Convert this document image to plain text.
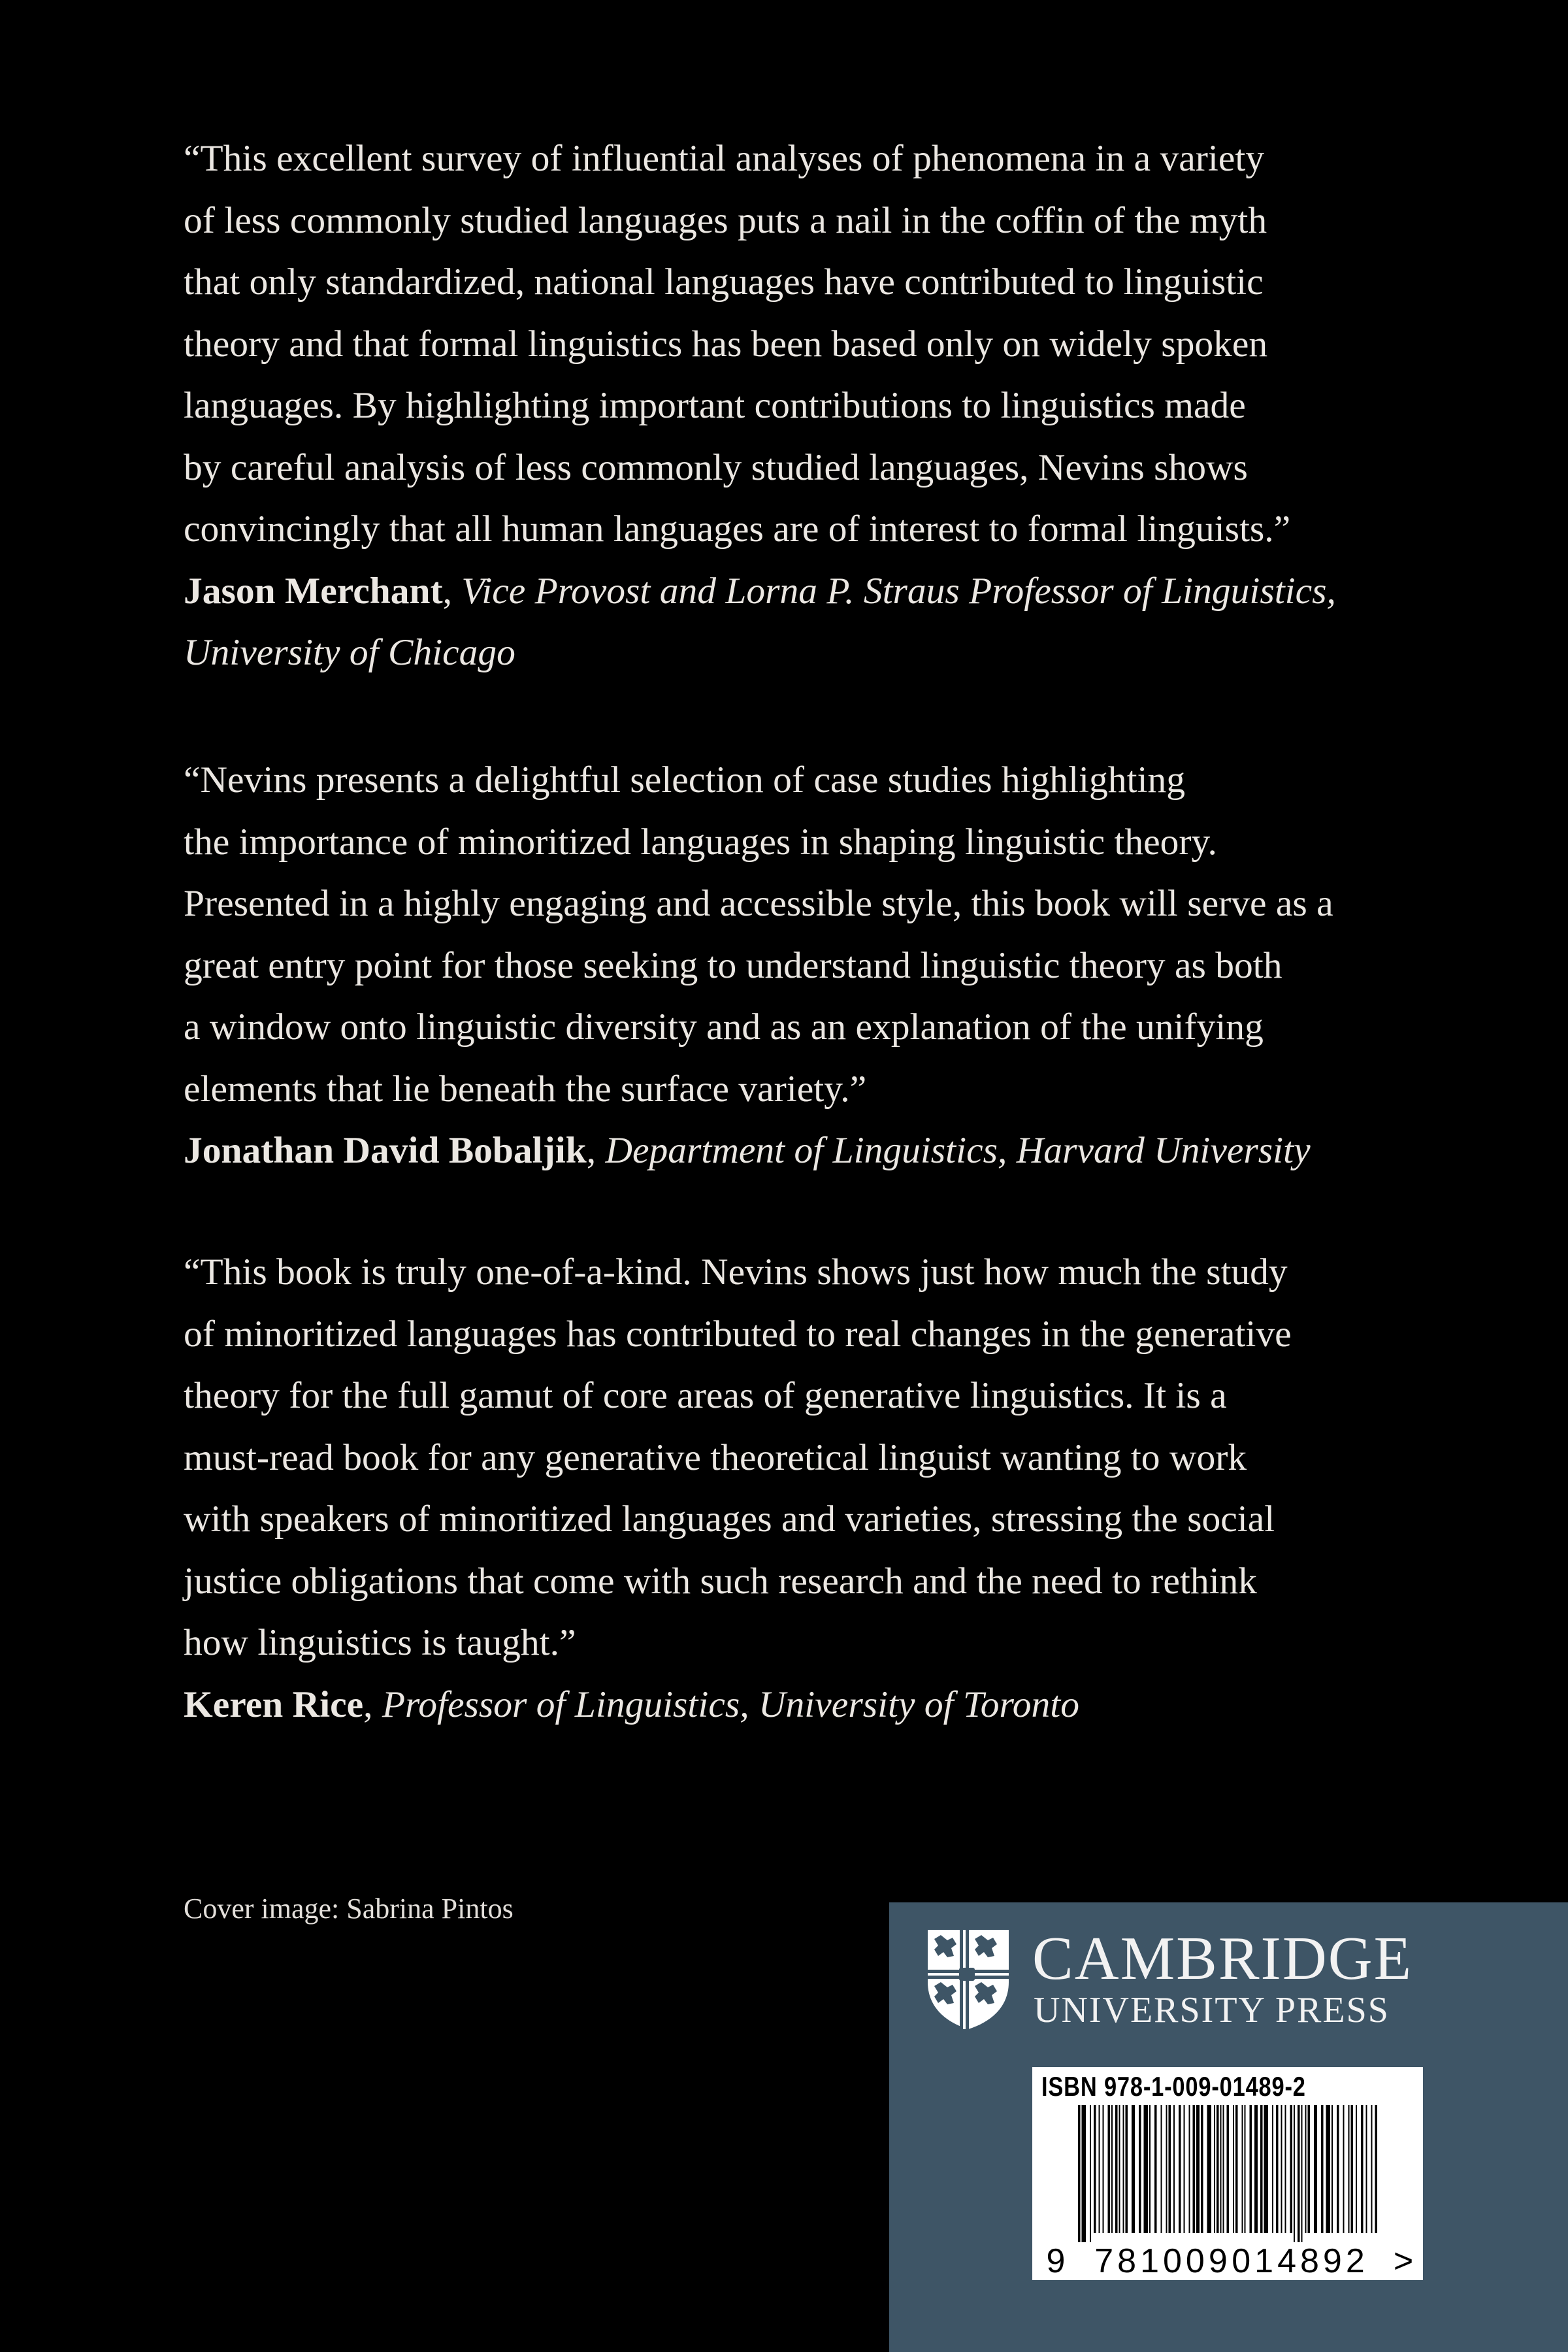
“This excellent survey of influential analyses of phenomena in a variety
of less commonly studied languages puts a nail in the coffin of the myth
that only standardized, national languages have contributed to linguistic
theory and that formal linguistics has been based only on widely spoken
languages. By highlighting important contributions to linguistics made
by careful analysis of less commonly studied languages, Nevins shows
convincingly that all human languages are of interest to formal linguists.”
Jason Merchant, Vice Provost and Lorna P. Straus Professor of Linguistics,
University of Chicago
“Nevins presents a delightful selection of case studies highlighting
the importance of minoritized languages in shaping linguistic theory.
Presented in a highly engaging and accessible style, this book will serve as a
great entry point for those seeking to understand linguistic theory as both
a window onto linguistic diversity and as an explanation of the unifying
elements that lie beneath the surface variety.”
Jonathan David Bobaljik, Department of Linguistics, Harvard University
“This book is truly one-of-a-kind. Nevins shows just how much the study
of minoritized languages has contributed to real changes in the generative
theory for the full gamut of core areas of generative linguistics. It is a
must-read book for any generative theoretical linguist wanting to work
with speakers of minoritized languages and varieties, stressing the social
justice obligations that come with such research and the need to rethink
how linguistics is taught.”
Keren Rice, Professor of Linguistics, University of Toronto
Cover image: Sabrina Pintos
CAMBRIDGE
UNIVERSITY PRESS
ISBN 978-1-009-01489-2
9 781009 014892 >
